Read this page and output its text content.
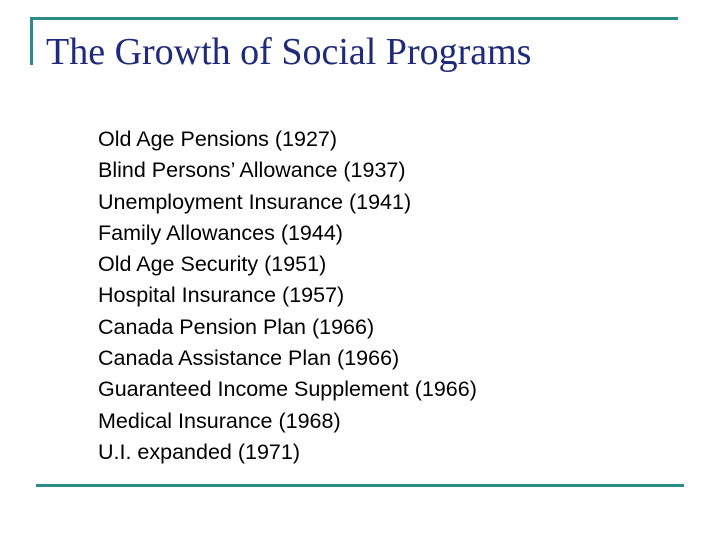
The Growth of Social Programs
Old Age Pensions (1927)
Blind Persons’ Allowance (1937)
Unemployment Insurance (1941)
Family Allowances (1944)
Old Age Security (1951)
Hospital Insurance (1957)
Canada Pension Plan (1966)
Canada Assistance Plan (1966)
Guaranteed Income Supplement (1966)
Medical Insurance (1968)
U.I. expanded (1971)
